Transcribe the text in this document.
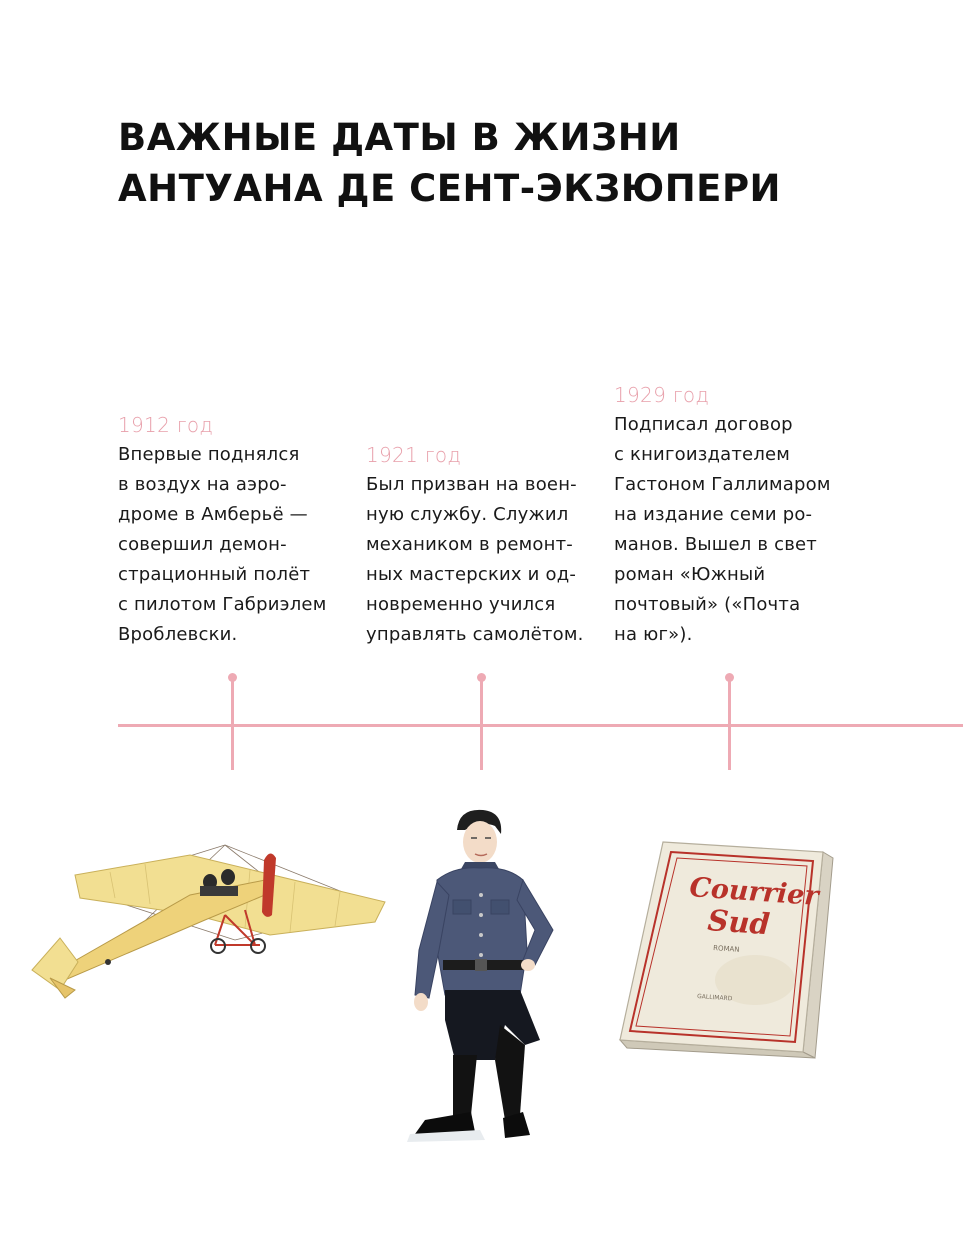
ВАЖНЫЕ ДАТЫ В ЖИЗНИ
АНТУАНА ДЕ СЕНТ-ЭКЗЮПЕРИ
1912 год
Впервые поднялся
в воздух на аэро-
дроме в Амберьё —
совершил демон-
страционный полёт
с пилотом Габриэлем
Вроблевски.
1921 год
Был призван на воен-
ную службу. Служил
механиком в ремонт-
ных мастерских и од-
новременно учился
управлять самолётом.
1929 год
Подписал договор
с книгоиздателем
Гастоном Галлимаром
на издание семи ро-
манов. Вышел в свет
роман «Южный
почтовый» («Почта
на юг»).
Courrier
Sud
ROMAN
GALLIMARD
